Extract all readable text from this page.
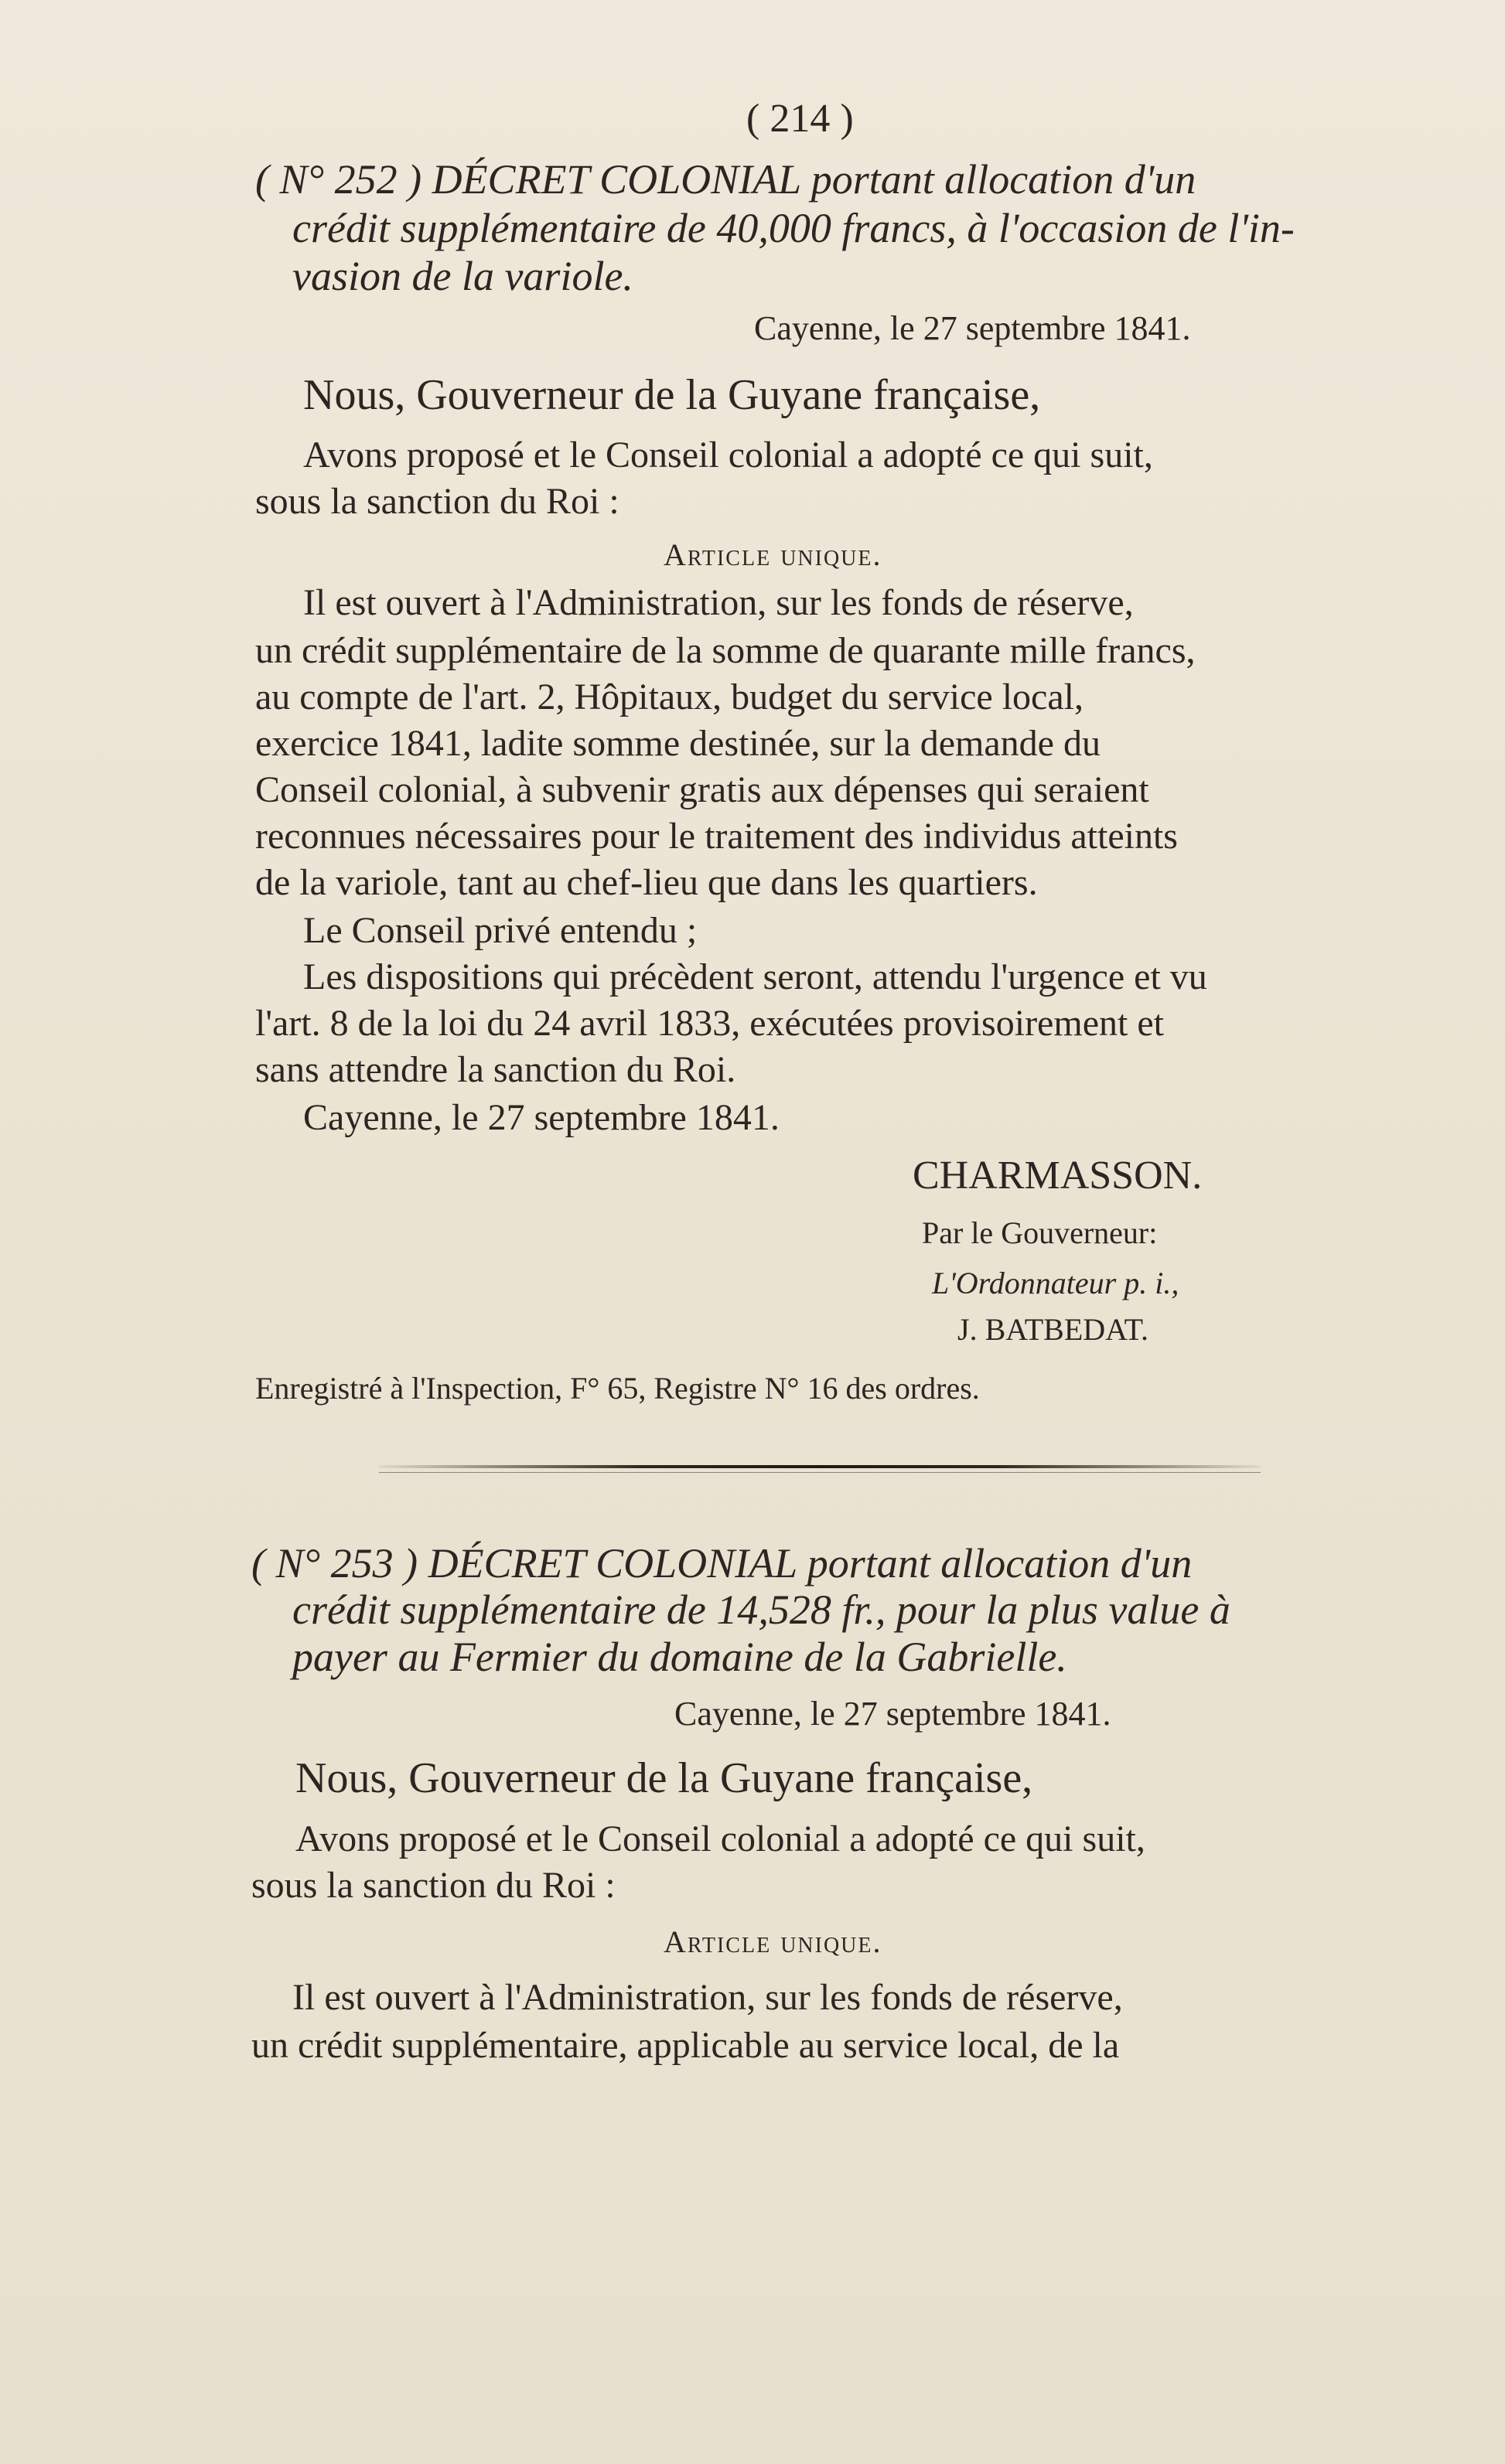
( 214 )
( N° 252 ) DÉCRET COLONIAL portant allocation d'un
crédit supplémentaire de 40,000 francs, à l'occasion de l'in-
vasion de la variole.
Cayenne, le 27 septembre 1841.
Nous, Gouverneur de la Guyane française,
Avons proposé et le Conseil colonial a adopté ce qui suit,
sous la sanction du Roi :
Article unique.
Il est ouvert à l'Administration, sur les fonds de réserve,
un crédit supplémentaire de la somme de quarante mille francs,
au compte de l'art. 2, Hôpitaux, budget du service local,
exercice 1841, ladite somme destinée, sur la demande du
Conseil colonial, à subvenir gratis aux dépenses qui seraient
reconnues nécessaires pour le traitement des individus atteints
de la variole, tant au chef-lieu que dans les quartiers.
Le Conseil privé entendu ;
Les dispositions qui précèdent seront, attendu l'urgence et vu
l'art. 8 de la loi du 24 avril 1833, exécutées provisoirement et
sans attendre la sanction du Roi.
Cayenne, le 27 septembre 1841.
CHARMASSON.
Par le Gouverneur:
L'Ordonnateur p. i.,
J. BATBEDAT.
Enregistré à l'Inspection, F° 65, Registre N° 16 des ordres.
( N° 253 ) DÉCRET COLONIAL portant allocation d'un
crédit supplémentaire de 14,528 fr., pour la plus value à
payer au Fermier du domaine de la Gabrielle.
Cayenne, le 27 septembre 1841.
Nous, Gouverneur de la Guyane française,
Avons proposé et le Conseil colonial a adopté ce qui suit,
sous la sanction du Roi :
Article unique.
Il est ouvert à l'Administration, sur les fonds de réserve,
un crédit supplémentaire, applicable au service local, de la
